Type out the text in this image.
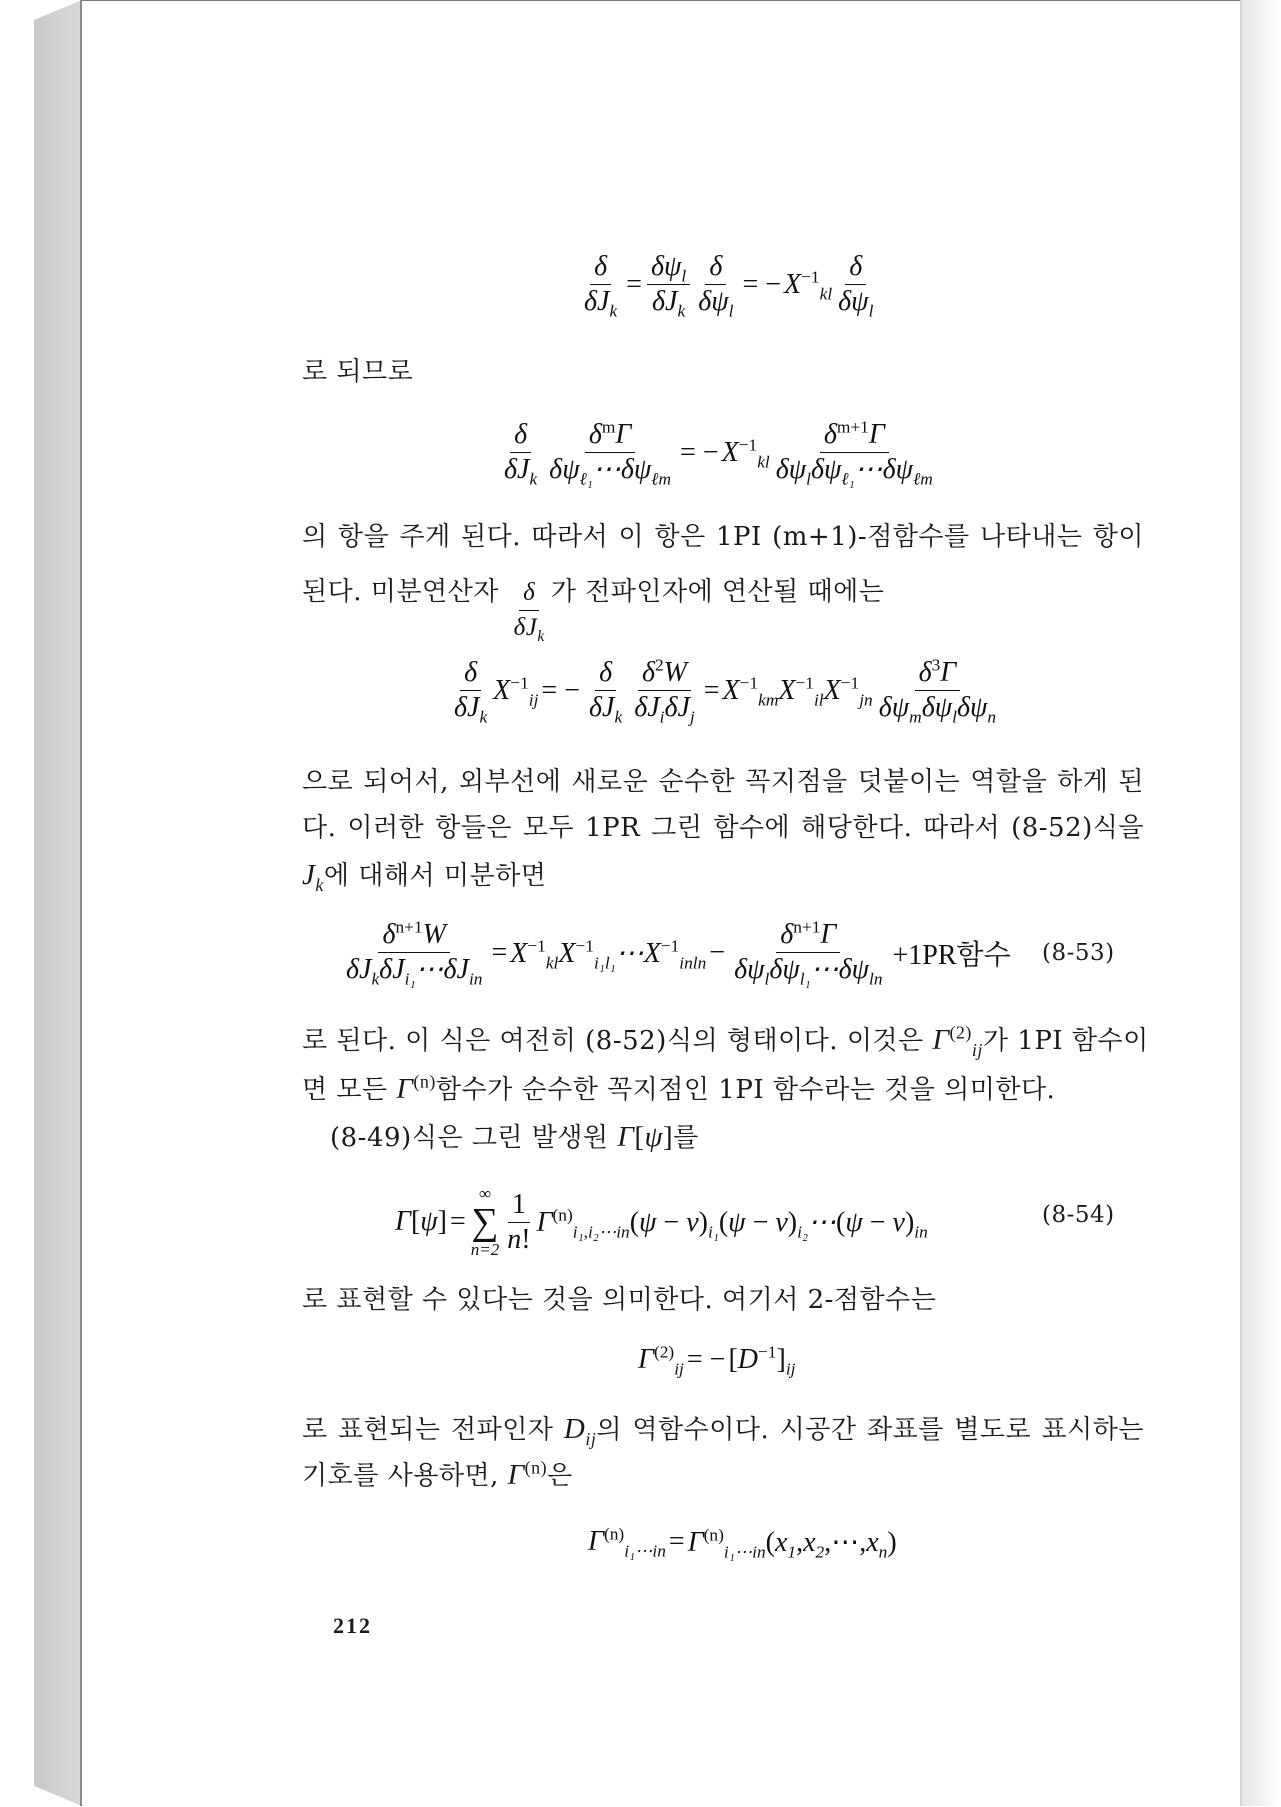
$\frac{\delta}{\delta J_k} = \frac{\delta\psi_l}{\delta J_k} \frac{\delta}{\delta\psi_l}$ = − $X^{-1}_{kl} \frac{\delta}{\delta\psi_l}$
로 되므로
$\frac{\delta}{\delta J_k} \frac{\delta^m\Gamma}{\delta\psi_{\ell_1}\cdots\delta\psi_{\ell m}}$ = − $X^{-1}_{kl} \frac{\delta^{m+1}\Gamma}{\delta\psi_l\delta\psi_{\ell_1}\cdots\delta\psi_{\ell m}}$
의 항을 주게 된다. 따라서 이 항은 1PI (m+1)-점함수를 나타내는 항이
된다. 미분연산자 $\frac{\delta}{\delta J_k}$ 가 전파인자에 연산될 때에는
$\frac{\delta}{\delta J_k} X^{-1}_{ij}$ = − $\frac{\delta}{\delta J_k} \frac{\delta^2W}{\delta J_i\delta J_j} = X^{-1}_{km}X^{-1}_{il}X^{-1}_{jn} \frac{\delta^3\Gamma}{\delta\psi_m\delta\psi_l\delta\psi_n}$
으로 되어서, 외부선에 새로운 순수한 꼭지점을 덧붙이는 역할을 하게 된
다. 이러한 항들은 모두 1PR 그린 함수에 해당한다. 따라서 (8-52)식을
$J_k$에 대해서 미분하면
$\frac{\delta^{n+1}W}{\delta J_k\delta J_{i_1}\cdots\delta J_{in}}$ = $X^{-1}_{kl}X^{-1}_{i_1l_1}\cdots X^{-1}_{inln} - \frac{\delta^{n+1}\Gamma}{\delta\psi_l\delta\psi_{l_1}\cdots\delta\psi_{ln}} +1PR$함수 (8-53)
로 된다. 이 식은 여전히 (8-52)식의 형태이다. 이것은 $\Gamma^{(2)}_{ij}$가 1PI 함수이
면 모든 $\Gamma^{(n)}$함수가 순수한 꼭지점인 1PI 함수라는 것을 의미한다.
(8-49)식은 그린 발생원 Γ[ψ]를
Γ[ψ] =
∞
∑
$n=2 \frac{1}{n!} \Gamma^{(n)}_{i_1,i_2\cdots in}(\psi - v)_{i_1}(\psi$ − $v)_{i_2}\cdots(\psi - v)_{in}$
(8-54)
로 표현할 수 있다는 것을 의미한다. 여기서 2-점함수는
$\Gamma^{(2)}_{ij}$ = − $[D^{-1}]_{ij}$
로 표현되는 전파인자 $D_{ij}$의 역함수이다. 시공간 좌표를 별도로 표시하는
기호를 사용하면, $\Gamma^{(n)}$은
$\Gamma^{(n)}_{i_1\cdots in}$ = $\Gamma^{(n)}_{i_1\cdots in}(x_1,x_2,\cdots,x_n)$
212
